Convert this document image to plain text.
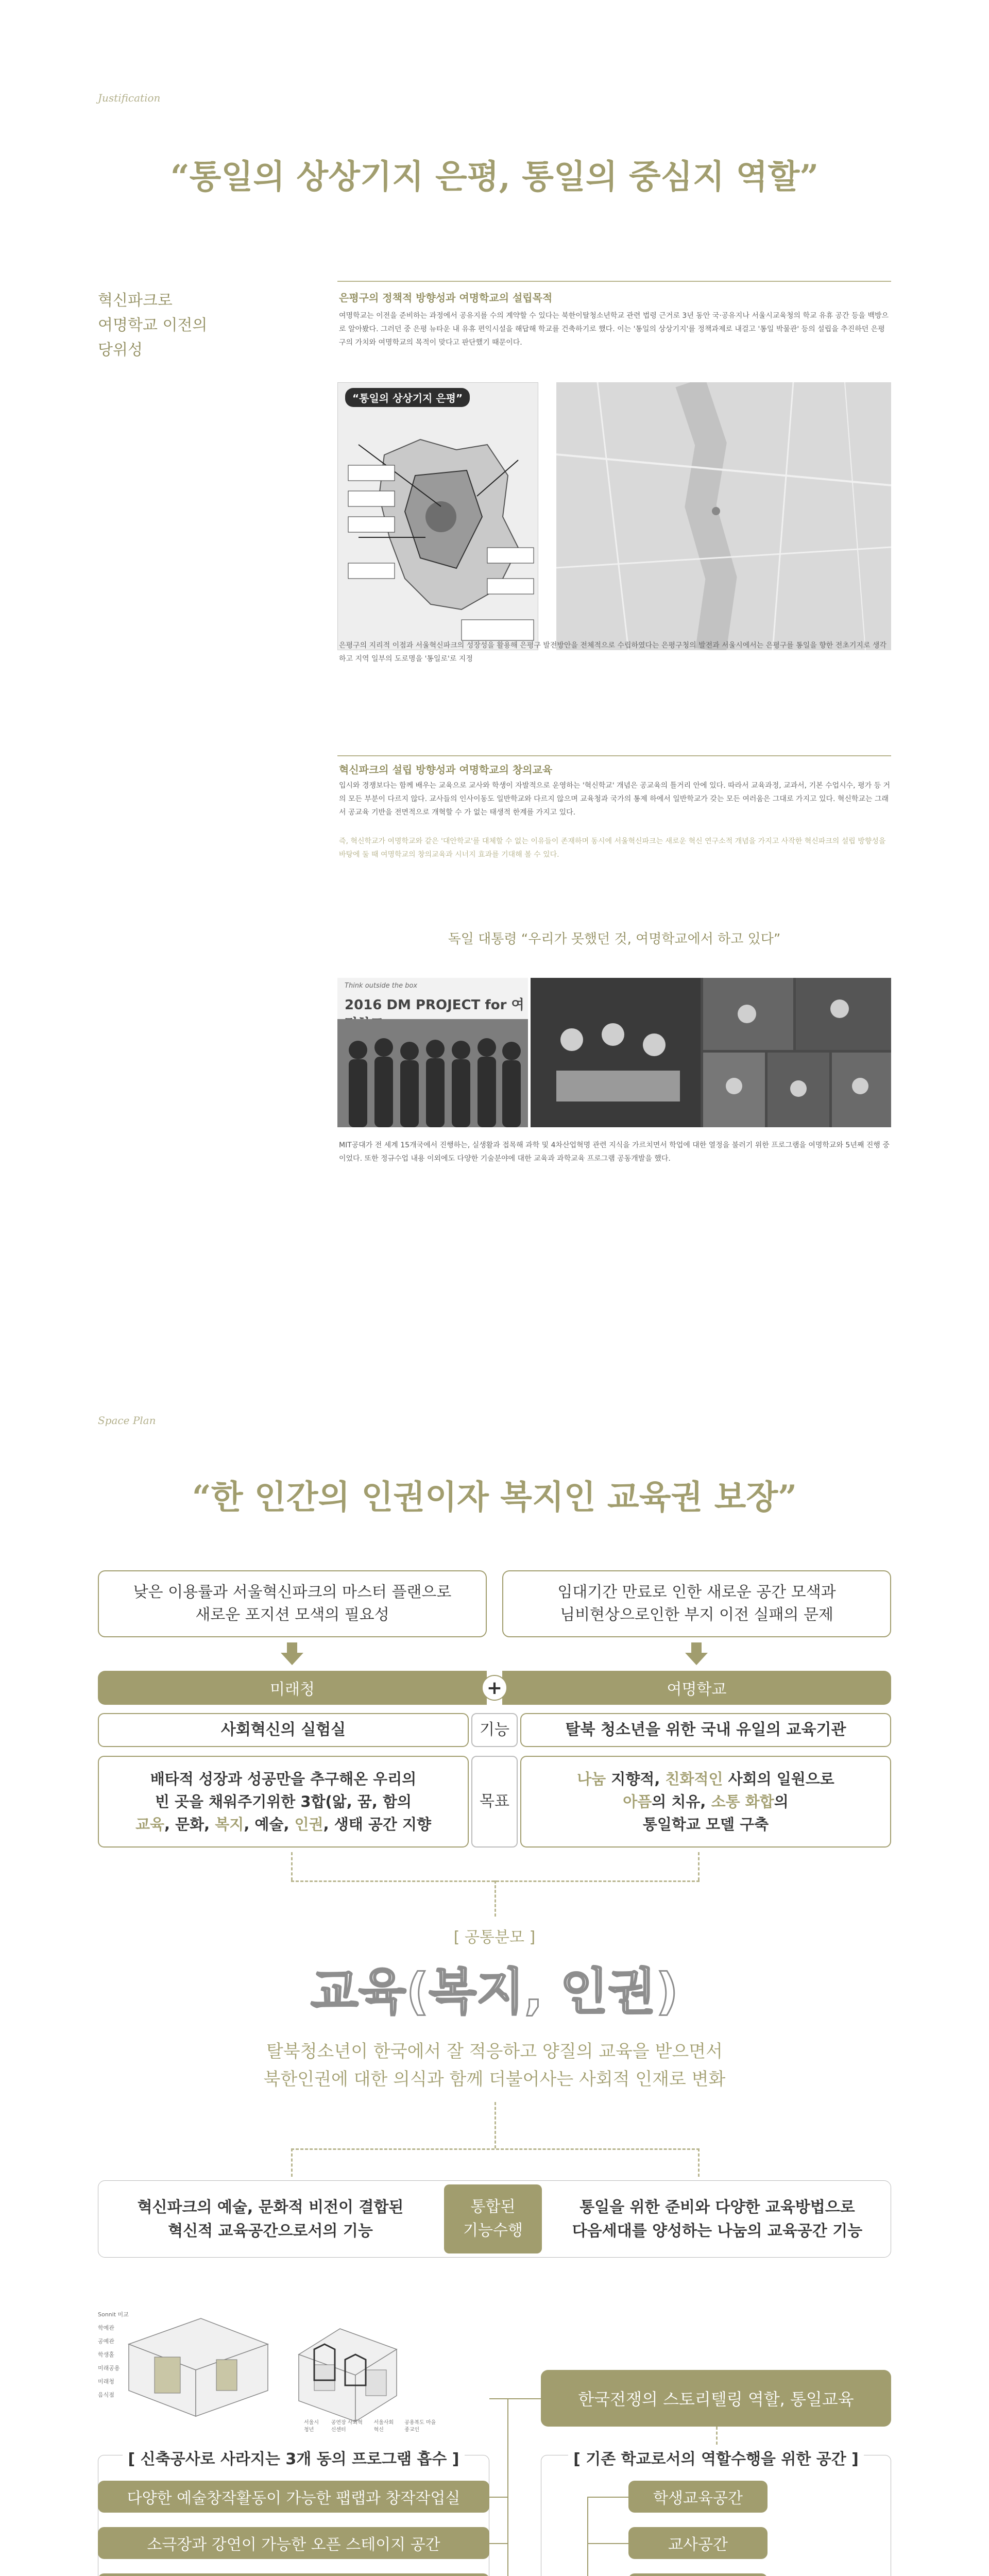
Justification
“통일의 상상기지 은평, 통일의 중심지 역할”
혁신파크로
여명학교 이전의
당위성
은평구의 정책적 방향성과 여명학교의 설립목적
여명학교는 이전을 준비하는 과정에서 공유지를 수의 계약할 수 있다는 북한이탈청소년학교 관련 법령 근거로 3년 동안 국·공유지나 서울시교육청의 학교 유휴 공간 등을 백방으로 알아봤다. 그러던 중 은평 뉴타운 내 유휴 편익시설을 해답해 학교를 건축하기로 했다. 이는 '통일의 상상기지'를 정책과제로 내걸고 '통일 박물관' 등의 설립을 추진하던 은평구의 가치와 여명학교의 목적이 맞다고 판단했기 때문이다.
“통일의 상상기지 은평”
은평구의 지리적 이점과 서울혁신파크의 성장성을 활용해 은평구 발전방안을 전체적으로 수립하였다는 은평구청의 발전과 서울시에서는 은평구를 통일을 향한 전초기지로 생각하고 지역 일부의 도로명을 '통일로'로 지정
혁신파크의 설립 방향성과 여명학교의 창의교육
입시와 경쟁보다는 함께 배우는 교육으로 교사와 학생이 자발적으로 운영하는 '혁신학교' 개념은 공교육의 틀거리 안에 있다. 따라서 교육과정, 교과서, 기본 수업시수, 평가 등 거의 모든 부분이 다르지 않다. 교사들의 인사이동도 일반학교와 다르지 않으며 교육청과 국가의 통제 하에서 일반학교가 갖는 모든 여러움은 그대로 가지고 있다. 혁신학교는 그래서 공교육 기반을 전면적으로 개혁할 수 가 없는 태생적 한계를 가지고 있다.
즉, 혁신학교가 여명학교와 같은 '대안학교'를 대체할 수 없는 이유들이 존재하며 동시에 서울혁신파크는 새로운 혁신 연구소적 개념을 가지고 사작한 혁신파크의 설립 방향성을 바탕에 둘 때 여명학교의 창의교육과 시너지 효과를 기대해 볼 수 있다.
독일 대통령 “우리가 못했던 것, 여명학교에서 하고 있다”
Think outside the box
2016 DM PROJECT for 여
MIT공대가 전 세계 15개국에서 진행하는, 실생활과 접목해 과학 및 4차산업혁명 관련 지식을 가르치면서 학업에 대한 열정을 불러기 위한 프로그램을 여명학교와 5년째 진행 중이었다. 또한 정규수업 내용 이외에도 다양한 기술분야에 대한 교육과 과학교육 프로그램 공동개발을 했다.
Space Plan
“한 인간의 인권이자 복지인 교육권 보장”
낮은 이용률과 서울혁신파크의 마스터 플랜으로
새로운 포지션 모색의 필요성
임대기간 만료로 인한 새로운 공간 모색과
님비현상으로인한 부지 이전 실패의 문제
미래청	여명학교
+
사회혁신의 실험실	기능	탈북 청소년을 위한 국내 유일의 교육기관
배타적 성장과 성공만을 추구해온 우리의
빈 곳을 채워주기위한 3합(앎, 꿈, 함의
교육, 문화, 복지, 예술, 인권, 생태 공간 지향
목표
나눔 지향적, 친화적인 사회의 일원으로
아픔의 치유, 소통 화합의
통일학교 모델 구축
[ 공통분모 ]
교육(복지, 인권)
탈북청소년이 한국에서 잘 적응하고 양질의 교육을 받으면서
북한인권에 대한 의식과 함께 더불어사는 사회적 인재로 변화
혁신파크의 예술, 문화적 비전이 결합된
혁신적 교육공간으로서의 기능
통합된
기능수행
통일을 위한 준비와 다양한 교육방법으로
다음세대를 양성하는 나눔의 교육공간 기능
Sonnit 미교
학예관
공예관
학생홀
미래공용
미래청
음식점
서울시청년
공연장 사회혁신센터
서울사회혁신
공용복도 마을종교인
한국전쟁의 스토리텔링 역할, 통일교육
[ 신축공사로 사라지는 3개 동의 프로그램 흡수 ]
다양한 예술창작활동이 가능한 팹랩과 창작작업실
소극장과 강연이 가능한 오픈 스테이지 공간
[ 기존 학교로서의 역할수행을 위한 공간 ]
학생교육공간
교사공간
